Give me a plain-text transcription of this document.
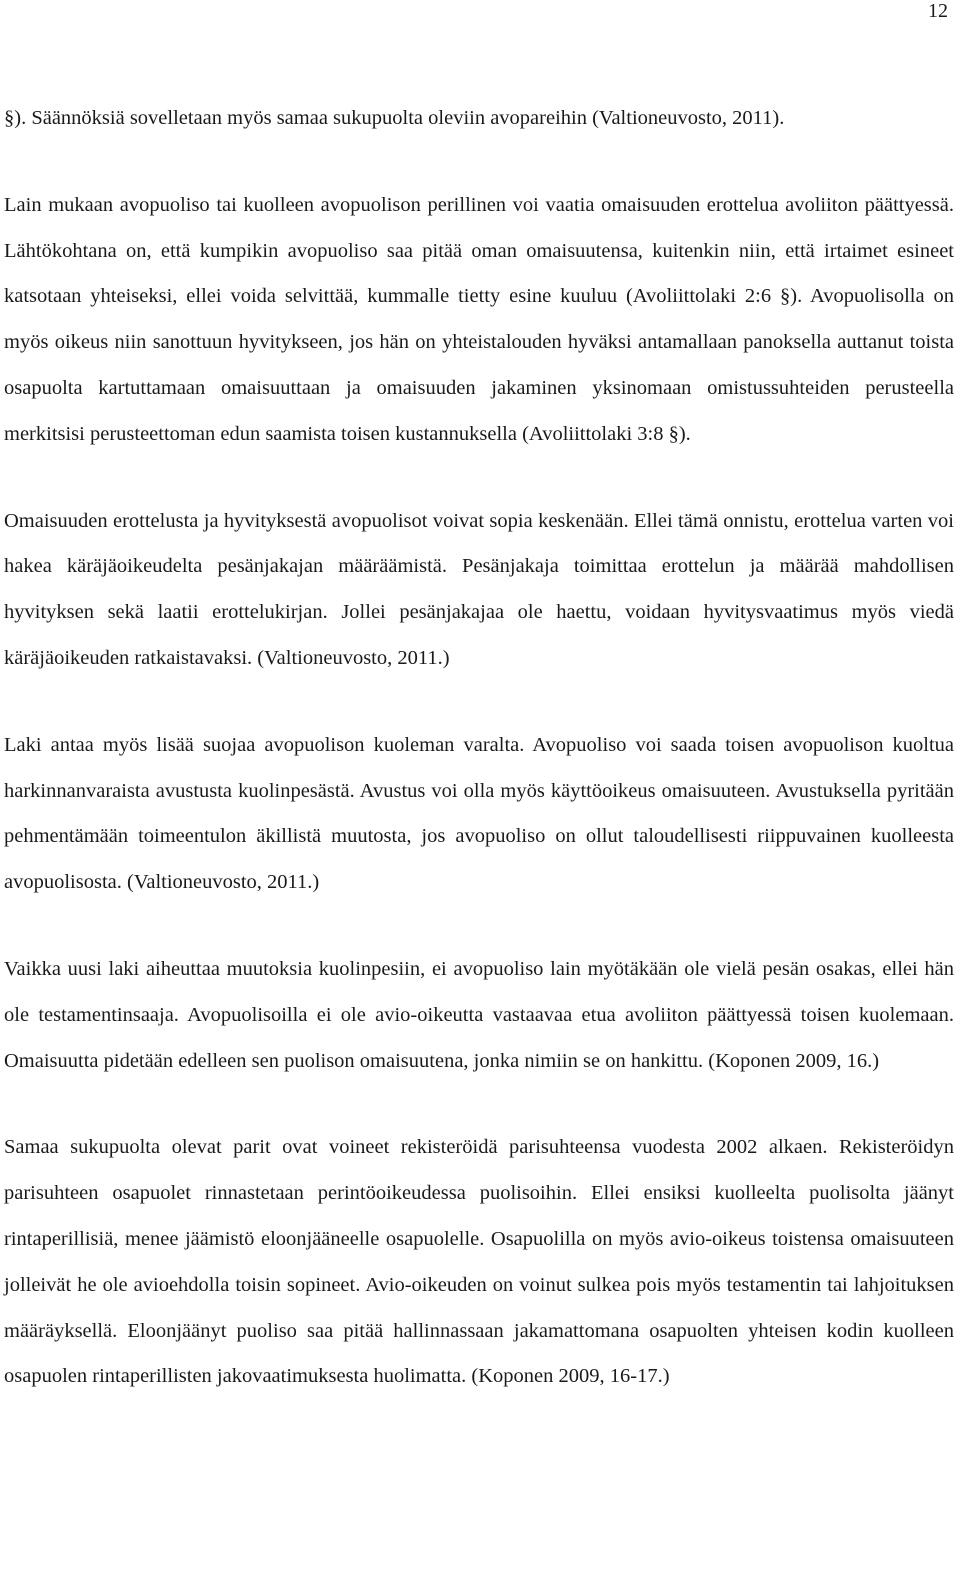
12

§). Säännöksiä sovelletaan myös samaa sukupuolta oleviin avopareihin (Valtioneuvosto, 2011).

Lain mukaan avopuoliso tai kuolleen avopuolison perillinen voi vaatia omaisuuden erottelua avoliiton päättyessä. Lähtökohtana on, että kumpikin avopuoliso saa pitää oman omaisuutensa, kuitenkin niin, että irtaimet esineet katsotaan yhteiseksi, ellei voida selvittää, kummalle tietty esine kuuluu (Avoliittolaki 2:6 §). Avopuolisolla on myös oikeus niin sanottuun hyvitykseen, jos hän on yhteistalouden hyväksi antamallaan panoksella auttanut toista osapuolta kartuttamaan omaisuuttaan ja omaisuuden jakaminen yksinomaan omistussuhteiden perusteella merkitsisi perusteettoman edun saamista toisen kustannuksella (Avoliittolaki 3:8 §).

Omaisuuden erottelusta ja hyvityksestä avopuolisot voivat sopia keskenään. Ellei tämä onnistu, erottelua varten voi hakea käräjäoikeudelta pesänjakajan määräämistä. Pesänjakaja toimittaa erottelun ja määrää mahdollisen hyvityksen sekä laatii erottelukirjan. Jollei pesänjakajaa ole haettu, voidaan hyvitysvaatimus myös viedä käräjäoikeuden ratkaistavaksi. (Valtioneuvosto, 2011.)

Laki antaa myös lisää suojaa avopuolison kuoleman varalta. Avopuoliso voi saada toisen avopuolison kuoltua harkinnanvaraista avustusta kuolinpesästä. Avustus voi olla myös käyttöoikeus omaisuuteen. Avustuksella pyritään pehmentämään toimeentulon äkillistä muutosta, jos avopuoliso on ollut taloudellisesti riippuvainen kuolleesta avopuolisosta. (Valtioneuvosto, 2011.)

Vaikka uusi laki aiheuttaa muutoksia kuolinpesiin, ei avopuoliso lain myötäkään ole vielä pesän osakas, ellei hän ole testamentinsaaja. Avopuolisoilla ei ole avio-oikeutta vastaavaa etua avoliiton päättyessä toisen kuolemaan. Omaisuutta pidetään edelleen sen puolison omaisuutena, jonka nimiin se on hankittu. (Koponen 2009, 16.)

Samaa sukupuolta olevat parit ovat voineet rekisteröidä parisuhteensa vuodesta 2002 alkaen. Rekisteröidyn parisuhteen osapuolet rinnastetaan perintöoikeudessa puolisoihin. Ellei ensiksi kuolleelta puolisolta jäänyt rintaperillisiä, menee jäämistö eloonjääneelle osapuolelle. Osapuolilla on myös avio-oikeus toistensa omaisuuteen jolleivät he ole avioehdolla toisin sopineet. Avio-oikeuden on voinut sulkea pois myös testamentin tai lahjoituksen määräyksellä. Eloonjäänyt puoliso saa pitää hallinnassaan jakamattomana osapuolten yhteisen kodin kuolleen osapuolen rintaperillisten jakovaatimuksesta huolimatta. (Koponen 2009, 16-17.)
